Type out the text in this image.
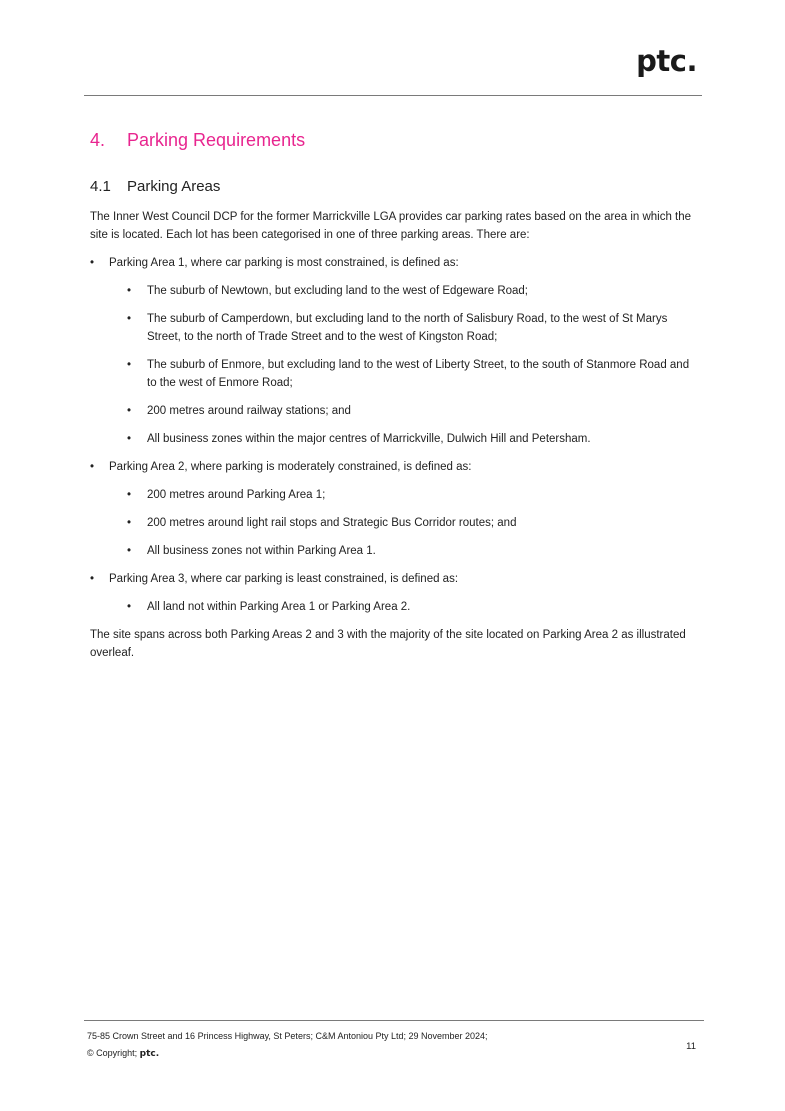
ptc.
4.	Parking Requirements
4.1	Parking Areas

The Inner West Council DCP for the former Marrickville LGA provides car parking rates based on the area in which the site is located. Each lot has been categorised in one of three parking areas. There are:

• Parking Area 1, where car parking is most constrained, is defined as:
• The suburb of Newtown, but excluding land to the west of Edgeware Road;
• The suburb of Camperdown, but excluding land to the north of Salisbury Road, to the west of St Marys Street, to the north of Trade Street and to the west of Kingston Road;
• The suburb of Enmore, but excluding land to the west of Liberty Street, to the south of Stanmore Road and to the west of Enmore Road;
• 200 metres around railway stations; and
• All business zones within the major centres of Marrickville, Dulwich Hill and Petersham.
• Parking Area 2, where parking is moderately constrained, is defined as:
• 200 metres around Parking Area 1;
• 200 metres around light rail stops and Strategic Bus Corridor routes; and
• All business zones not within Parking Area 1.
• Parking Area 3, where car parking is least constrained, is defined as:
• All land not within Parking Area 1 or Parking Area 2.

The site spans across both Parking Areas 2 and 3 with the majority of the site located on Parking Area 2 as illustrated overleaf.

75-85 Crown Street and 16 Princess Highway, St Peters; C&M Antoniou Pty Ltd; 29 November 2024;
© Copyright; ptc.
11
